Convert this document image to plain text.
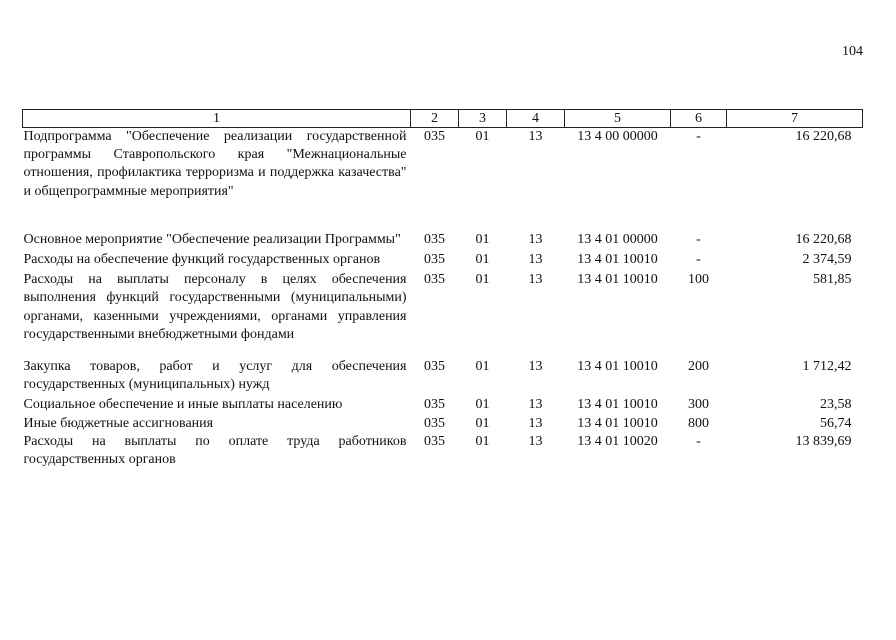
104
1	2	3	4	5	6	7
Подпрограмма "Обеспечение реализации государственной программы Ставропольского края "Межнациональные отношения, профилактика терроризма и поддержка казачества" и общепрограммные мероприятия"	035	01	13	13 4 00 00000	-	16 220,68
Основное мероприятие "Обеспечение реализации Программы"	035	01	13	13 4 01 00000	-	16 220,68
Расходы на обеспечение функций государственных органов	035	01	13	13 4 01 10010	-	2 374,59
Расходы на выплаты персоналу в целях обеспечения выполнения функций государственными (муниципальными) органами, казенными учреждениями, органами управления государственными внебюджетными фондами	035	01	13	13 4 01 10010	100	581,85
Закупка товаров, работ и услуг для обеспечения государственных (муниципальных) нужд	035	01	13	13 4 01 10010	200	1 712,42
Социальное обеспечение и иные выплаты населению	035	01	13	13 4 01 10010	300	23,58
Иные бюджетные ассигнования	035	01	13	13 4 01 10010	800	56,74
Расходы на выплаты по оплате труда работников государственных органов	035	01	13	13 4 01 10020	-	13 839,69
